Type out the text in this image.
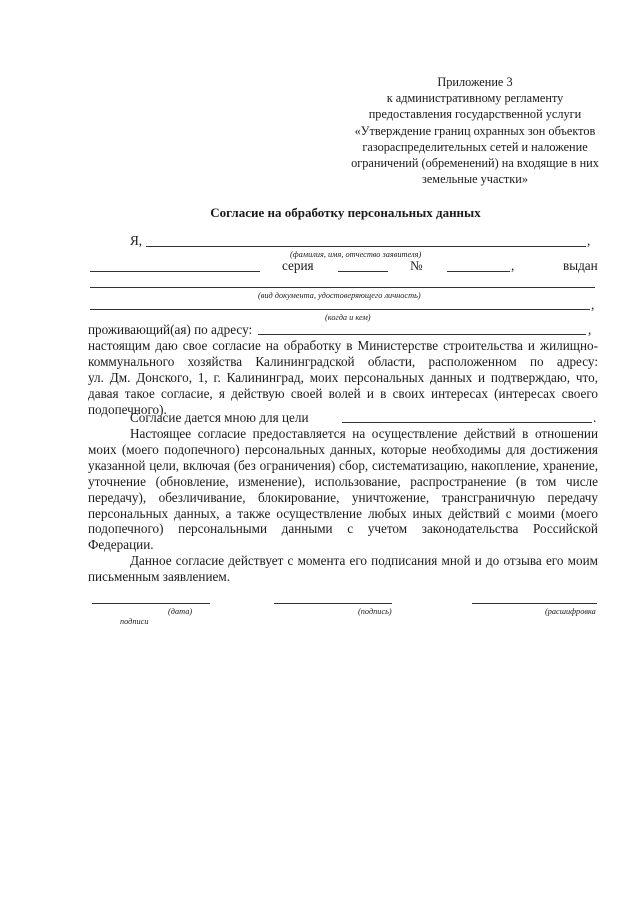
Приложение 3
к административному регламенту
предоставления государственной услуги
«Утверждение границ охранных зон объектов
газораспределительных сетей и наложение
ограничений (обременений) на входящие в них
земельные участки»
Согласие на обработку персональных данных
Я,	,
(фамилия, имя, отчество заявителя)
серия	№	,	выдан
(вид документа, удостоверяющего личность)
,
(когда и кем)
проживающий(ая) по адресу:	,
настоящим даю свое согласие на обработку в Министерстве строительства и жилищно-
коммунального хозяйства Калининградской области, расположенном по адресу:
ул. Дм. Донского, 1, г. Калининград, моих персональных данных и подтверждаю, что,
давая такое согласие, я действую своей волей и в своих интересах (интересах своего
подопечного).
Согласие дается мною для цели	.
Настоящее согласие предоставляется на осуществление действий в отношении
моих (моего подопечного) персональных данных, которые необходимы для достижения
указанной цели, включая (без ограничения) сбор, систематизацию, накопление, хранение,
уточнение (обновление, изменение), использование, распространение (в том числе
передачу), обезличивание, блокирование, уничтожение, трансграничную передачу
персональных данных, а также осуществление любых иных действий с моими (моего
подопечного) персональными данными с учетом законодательства Российской
Федерации.
Данное согласие действует с момента его подписания мной и до отзыва его моим
письменным заявлением.
(дата)
подписи
(подпись)	(расшифровка
